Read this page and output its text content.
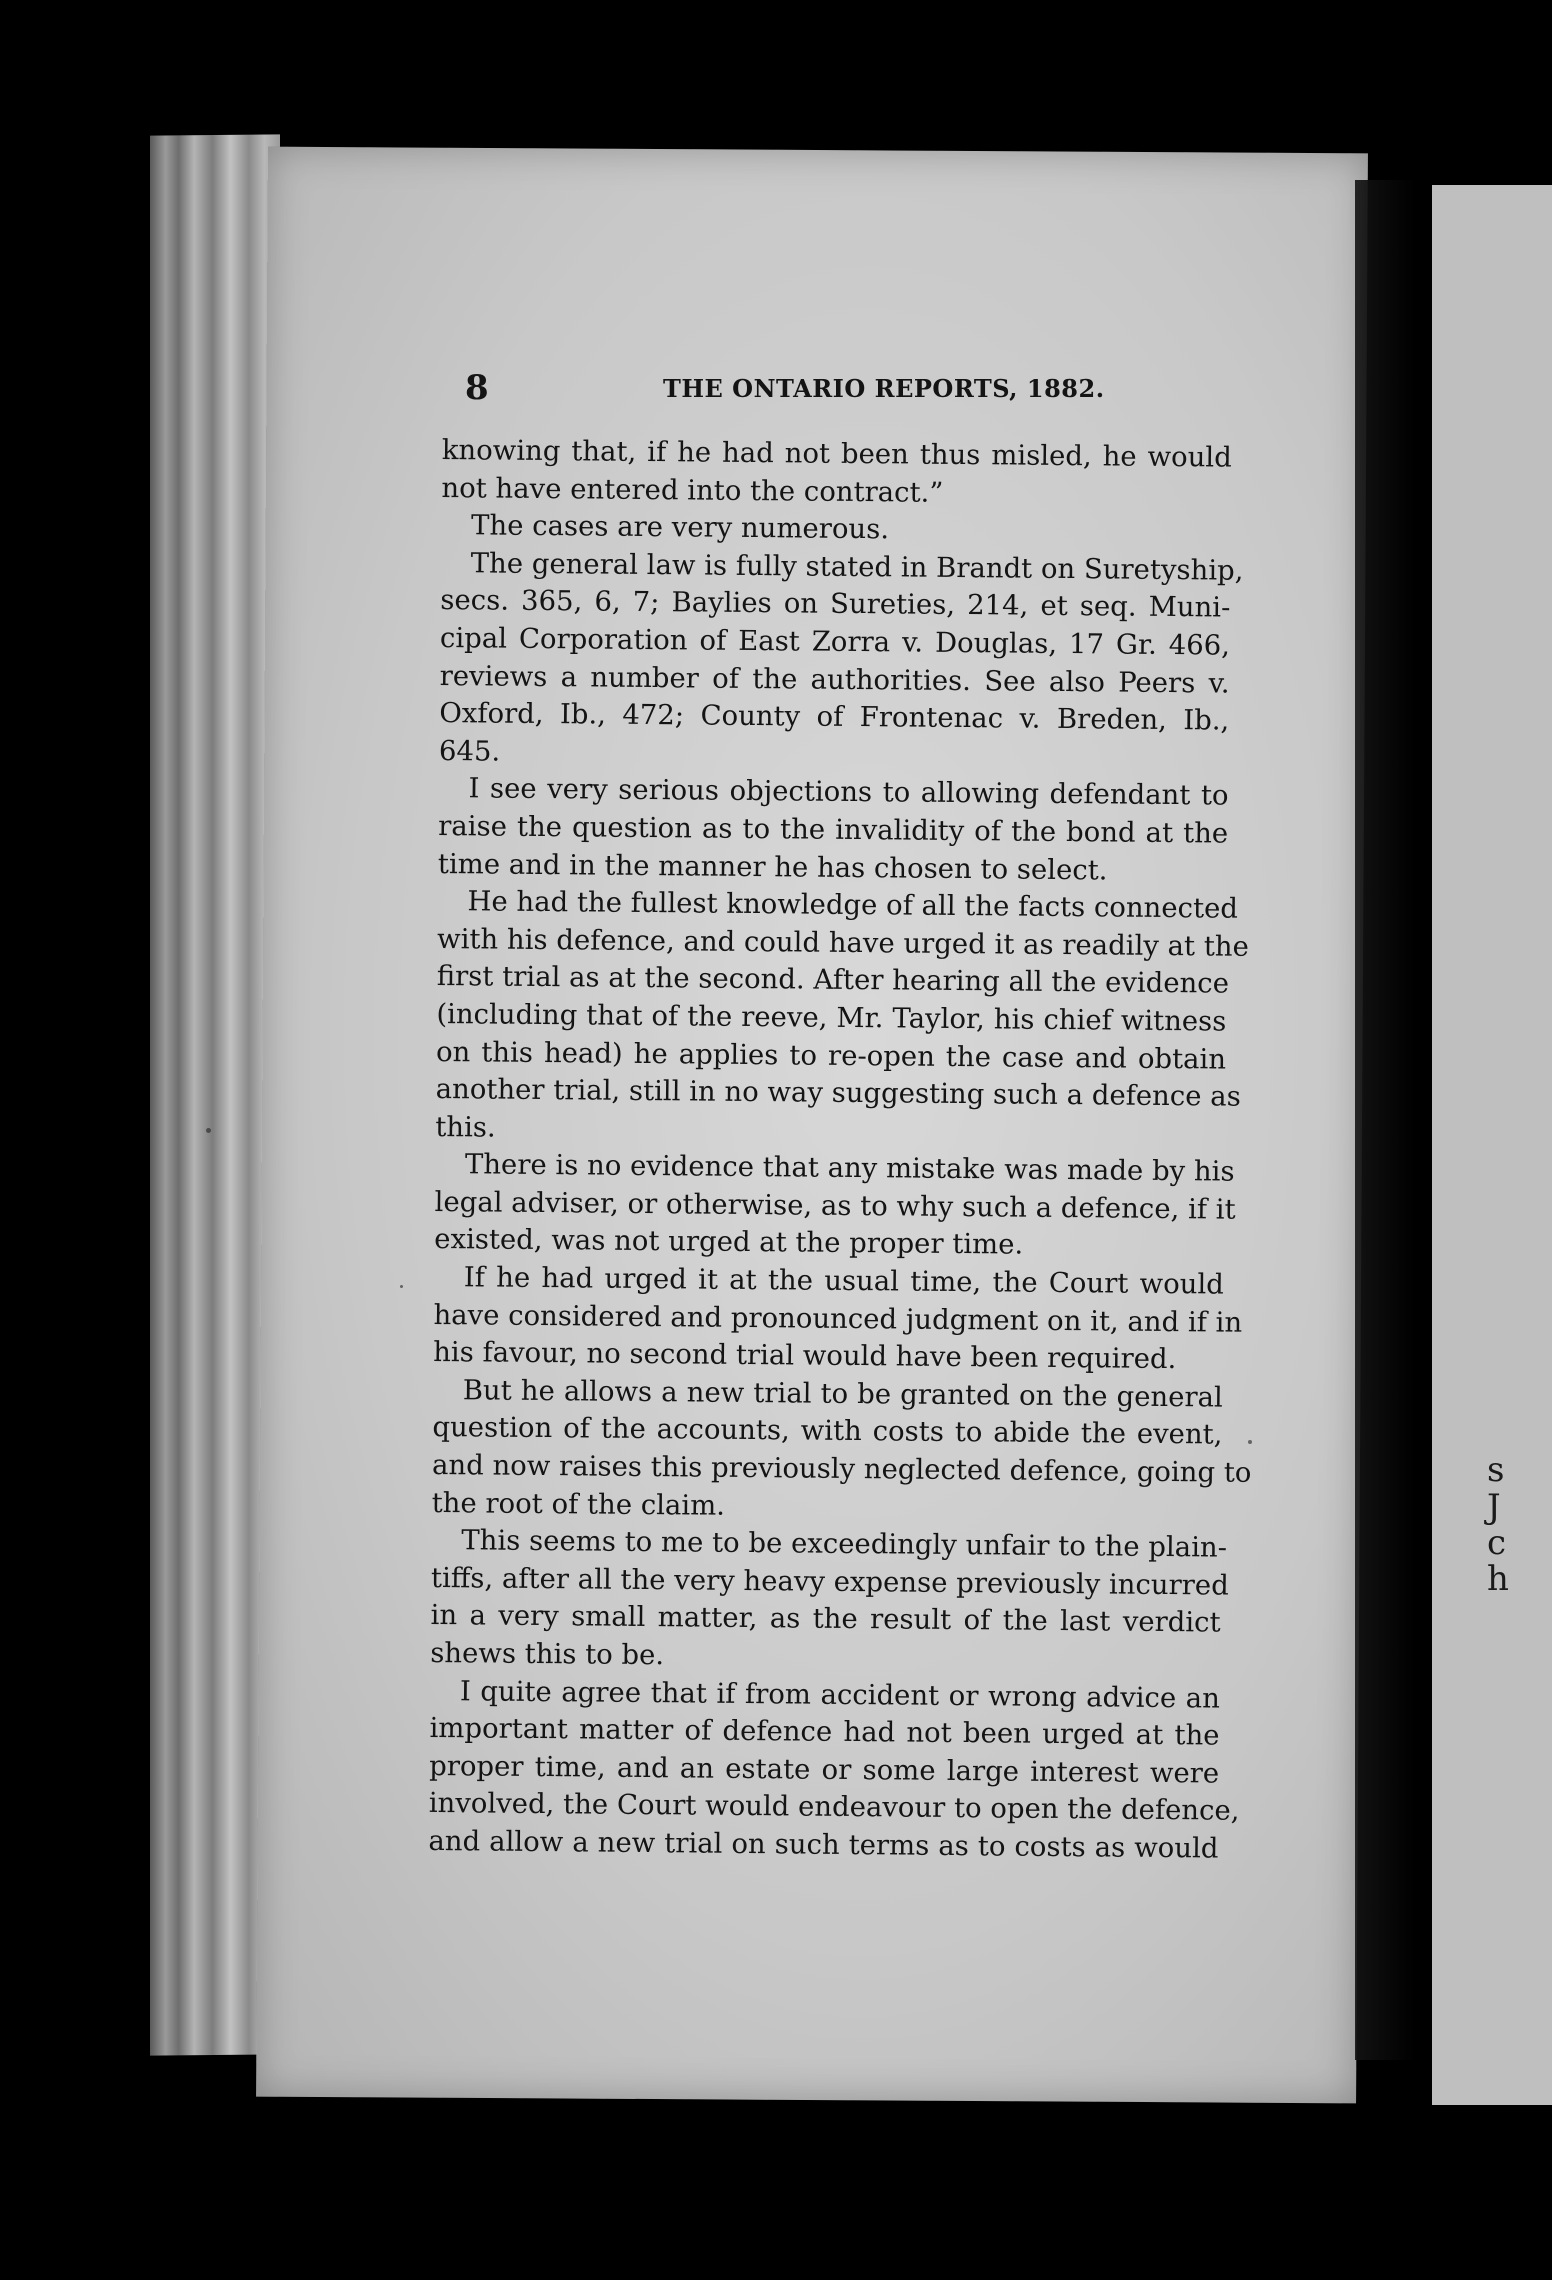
s
J
c
h
8	THE ONTARIO REPORTS, 1882.
knowing that, if he had not been thus misled, he would
not have entered into the contract.”
The cases are very numerous.
The general law is fully stated in Brandt on Suretyship,
secs. 365, 6, 7; Baylies on Sureties, 214, et seq. Muni-
cipal Corporation of East Zorra v. Douglas, 17 Gr. 466,
reviews a number of the authorities. See also Peers v.
Oxford, Ib., 472; County of Frontenac v. Breden, Ib.,
645.
I see very serious objections to allowing defendant to
raise the question as to the invalidity of the bond at the
time and in the manner he has chosen to select.
He had the fullest knowledge of all the facts connected
with his defence, and could have urged it as readily at the
first trial as at the second. After hearing all the evidence
(including that of the reeve, Mr. Taylor, his chief witness
on this head) he applies to re-open the case and obtain
another trial, still in no way suggesting such a defence as
this.
There is no evidence that any mistake was made by his
legal adviser, or otherwise, as to why such a defence, if it
existed, was not urged at the proper time.
If he had urged it at the usual time, the Court would
have considered and pronounced judgment on it, and if in
his favour, no second trial would have been required.
But he allows a new trial to be granted on the general
question of the accounts, with costs to abide the event,
and now raises this previously neglected defence, going to
the root of the claim.
This seems to me to be exceedingly unfair to the plain-
tiffs, after all the very heavy expense previously incurred
in a very small matter, as the result of the last verdict
shews this to be.
I quite agree that if from accident or wrong advice an
important matter of defence had not been urged at the
proper time, and an estate or some large interest were
involved, the Court would endeavour to open the defence,
and allow a new trial on such terms as to costs as would
